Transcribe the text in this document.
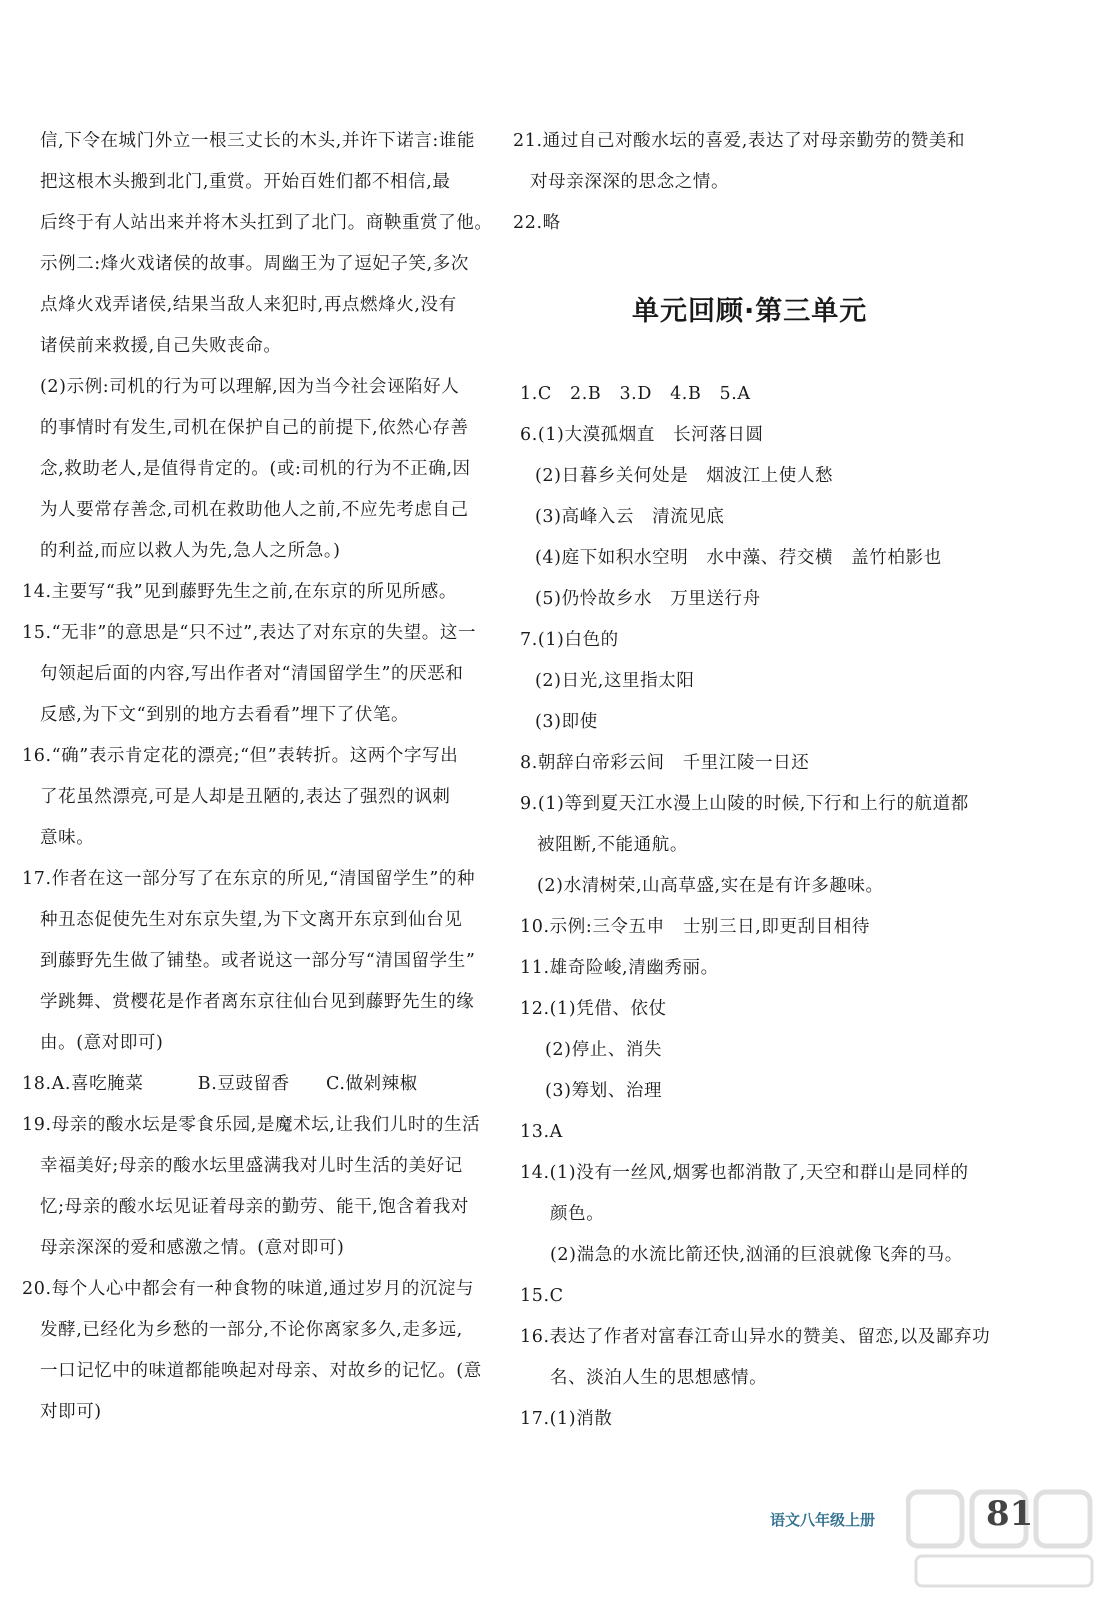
信,下令在城门外立一根三丈长的木头,并许下诺言:谁能
把这根木头搬到北门,重赏。开始百姓们都不相信,最
后终于有人站出来并将木头扛到了北门。商鞅重赏了他。
示例二:烽火戏诸侯的故事。周幽王为了逗妃子笑,多次
点烽火戏弄诸侯,结果当敌人来犯时,再点燃烽火,没有
诸侯前来救援,自己失败丧命。
(2)示例:司机的行为可以理解,因为当今社会诬陷好人
的事情时有发生,司机在保护自己的前提下,依然心存善
念,救助老人,是值得肯定的。(或:司机的行为不正确,因
为人要常存善念,司机在救助他人之前,不应先考虑自己
的利益,而应以救人为先,急人之所急。)
14.主要写“我”见到藤野先生之前,在东京的所见所感。
15.“无非”的意思是“只不过”,表达了对东京的失望。这一
句领起后面的内容,写出作者对“清国留学生”的厌恶和
反感,为下文“到别的地方去看看”埋下了伏笔。
16.“确”表示肯定花的漂亮;“但”表转折。这两个字写出
了花虽然漂亮,可是人却是丑陋的,表达了强烈的讽刺
意味。
17.作者在这一部分写了在东京的所见,“清国留学生”的种
种丑态促使先生对东京失望,为下文离开东京到仙台见
到藤野先生做了铺垫。或者说这一部分写“清国留学生”
学跳舞、赏樱花是作者离东京往仙台见到藤野先生的缘
由。(意对即可)
18.A.喜吃腌菜　　　B.豆豉留香　　C.做剁辣椒
19.母亲的酸水坛是零食乐园,是魔术坛,让我们儿时的生活
幸福美好;母亲的酸水坛里盛满我对儿时生活的美好记
忆;母亲的酸水坛见证着母亲的勤劳、能干,饱含着我对
母亲深深的爱和感激之情。(意对即可)
20.每个人心中都会有一种食物的味道,通过岁月的沉淀与
发酵,已经化为乡愁的一部分,不论你离家多久,走多远,
一口记忆中的味道都能唤起对母亲、对故乡的记忆。(意
对即可)
21.通过自己对酸水坛的喜爱,表达了对母亲勤劳的赞美和
对母亲深深的思念之情。
22.略
单元回顾·第三单元
1.C　2.B　3.D　4.B　5.A
6.(1)大漠孤烟直　长河落日圆
(2)日暮乡关何处是　烟波江上使人愁
(3)高峰入云　清流见底
(4)庭下如积水空明　水中藻、荇交横　盖竹柏影也
(5)仍怜故乡水　万里送行舟
7.(1)白色的
(2)日光,这里指太阳
(3)即使
8.朝辞白帝彩云间　千里江陵一日还
9.(1)等到夏天江水漫上山陵的时候,下行和上行的航道都
被阻断,不能通航。
(2)水清树荣,山高草盛,实在是有许多趣味。
10.示例:三令五申　士别三日,即更刮目相待
11.雄奇险峻,清幽秀丽。
12.(1)凭借、依仗
(2)停止、消失
(3)筹划、治理
13.A
14.(1)没有一丝风,烟雾也都消散了,天空和群山是同样的
颜色。
(2)湍急的水流比箭还快,汹涌的巨浪就像飞奔的马。
15.C
16.表达了作者对富春江奇山异水的赞美、留恋,以及鄙弃功
名、淡泊人生的思想感情。
17.(1)消散
语文八年级上册	81
